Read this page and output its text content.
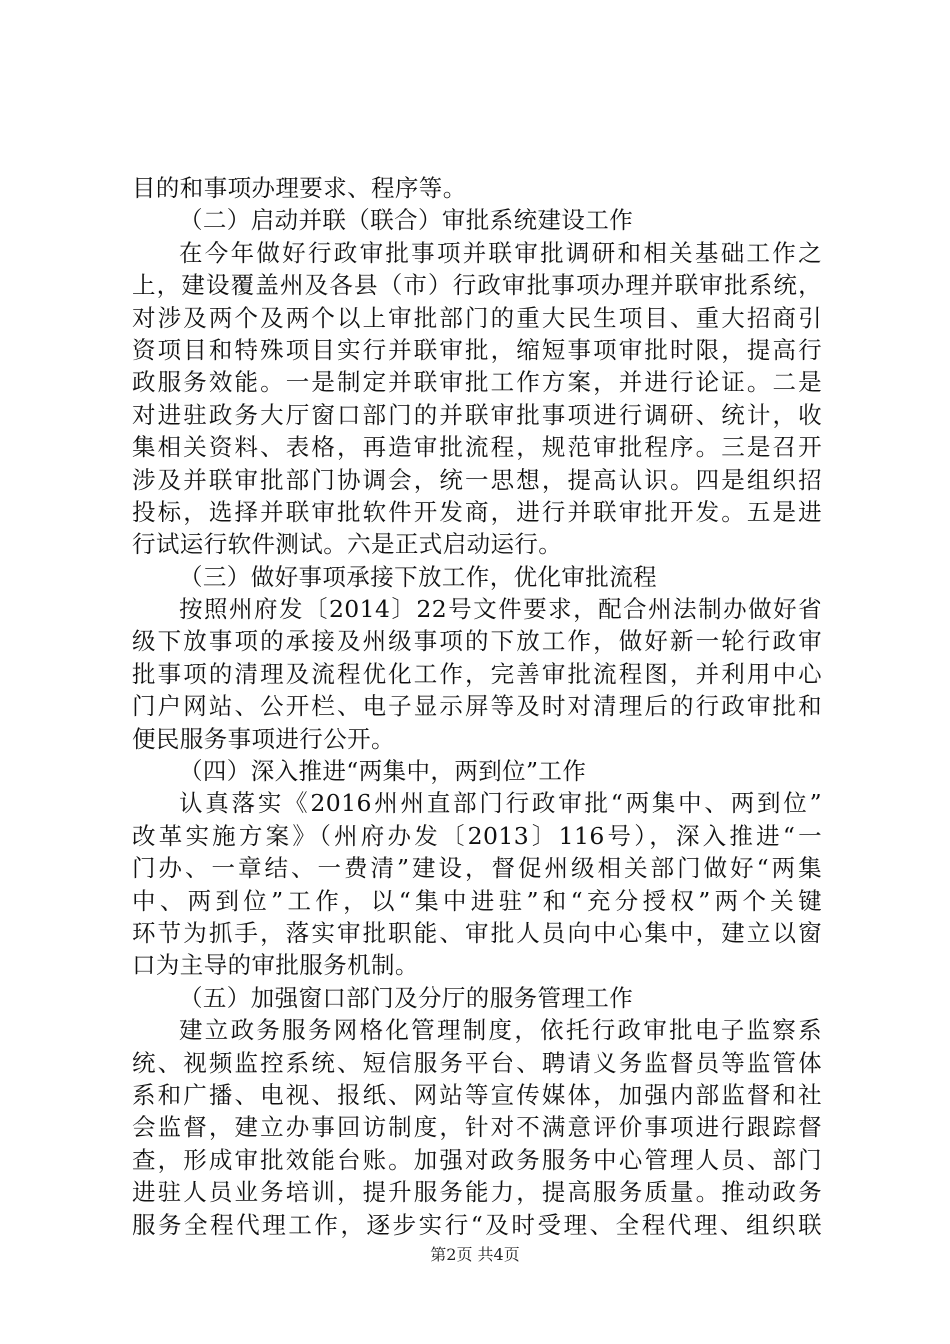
目的和事项办理要求、程序等。
（二）启动并联（联合）审批系统建设工作
在今年做好行政审批事项并联审批调研和相关基础工作之
上，建设覆盖州及各县（市）行政审批事项办理并联审批系统，
对涉及两个及两个以上审批部门的重大民生项目、重大招商引
资项目和特殊项目实行并联审批，缩短事项审批时限，提高行
政服务效能。一是制定并联审批工作方案，并进行论证。二是
对进驻政务大厅窗口部门的并联审批事项进行调研、统计，收
集相关资料、表格，再造审批流程，规范审批程序。三是召开
涉及并联审批部门协调会，统一思想，提高认识。四是组织招
投标，选择并联审批软件开发商，进行并联审批开发。五是进
行试运行软件测试。六是正式启动运行。
（三）做好事项承接下放工作，优化审批流程
按照州府发〔2014〕22号文件要求，配合州法制办做好省
级下放事项的承接及州级事项的下放工作，做好新一轮行政审
批事项的清理及流程优化工作，完善审批流程图，并利用中心
门户网站、公开栏、电子显示屏等及时对清理后的行政审批和
便民服务事项进行公开。
（四）深入推进“两集中，两到位”工作
认真落实《2016州州直部门行政审批“两集中、两到位”
改革实施方案》（州府办发〔2013〕116号），深入推进“一
门办、一章结、一费清”建设，督促州级相关部门做好“两集
中、两到位”工作，以“集中进驻”和“充分授权”两个关键
环节为抓手，落实审批职能、审批人员向中心集中，建立以窗
口为主导的审批服务机制。
（五）加强窗口部门及分厅的服务管理工作
建立政务服务网格化管理制度，依托行政审批电子监察系
统、视频监控系统、短信服务平台、聘请义务监督员等监管体
系和广播、电视、报纸、网站等宣传媒体，加强内部监督和社
会监督，建立办事回访制度，针对不满意评价事项进行跟踪督
查，形成审批效能台账。加强对政务服务中心管理人员、部门
进驻人员业务培训，提升服务能力，提高服务质量。推动政务
服务全程代理工作，逐步实行“及时受理、全程代理、组织联
第2页 共4页
